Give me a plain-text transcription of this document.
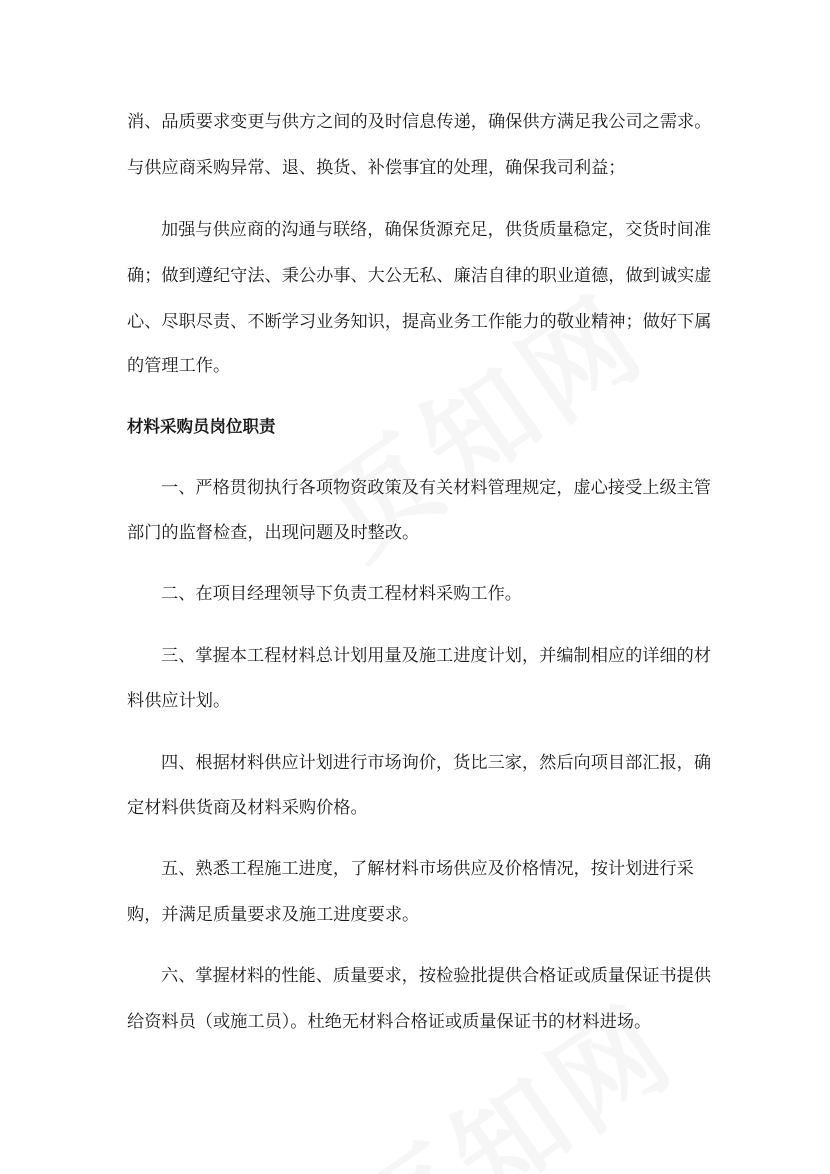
消、品质要求变更与供方之间的及时信息传递，确保供方满足我公司之需求。

与供应商采购异常、退、换货、补偿事宜的处理，确保我司利益；

加强与供应商的沟通与联络，确保货源充足，供货质量稳定，交货时间准

确；做到遵纪守法、秉公办事、大公无私、廉洁自律的职业道德，做到诚实虚

心、尽职尽责、不断学习业务知识，提高业务工作能力的敬业精神；做好下属

的管理工作。

材料采购员岗位职责

一、严格贯彻执行各项物资政策及有关材料管理规定，虚心接受上级主管

部门的监督检查，出现问题及时整改。

二、在项目经理领导下负责工程材料采购工作。

三、掌握本工程材料总计划用量及施工进度计划，并编制相应的详细的材

料供应计划。

四、根据材料供应计划进行市场询价，货比三家，然后向项目部汇报，确

定材料供货商及材料采购价格。

五、熟悉工程施工进度，了解材料市场供应及价格情况，按计划进行采

购，并满足质量要求及施工进度要求。

六、掌握材料的性能、质量要求，按检验批提供合格证或质量保证书提供

给资料员（或施工员）。杜绝无材料合格证或质量保证书的材料进场。
